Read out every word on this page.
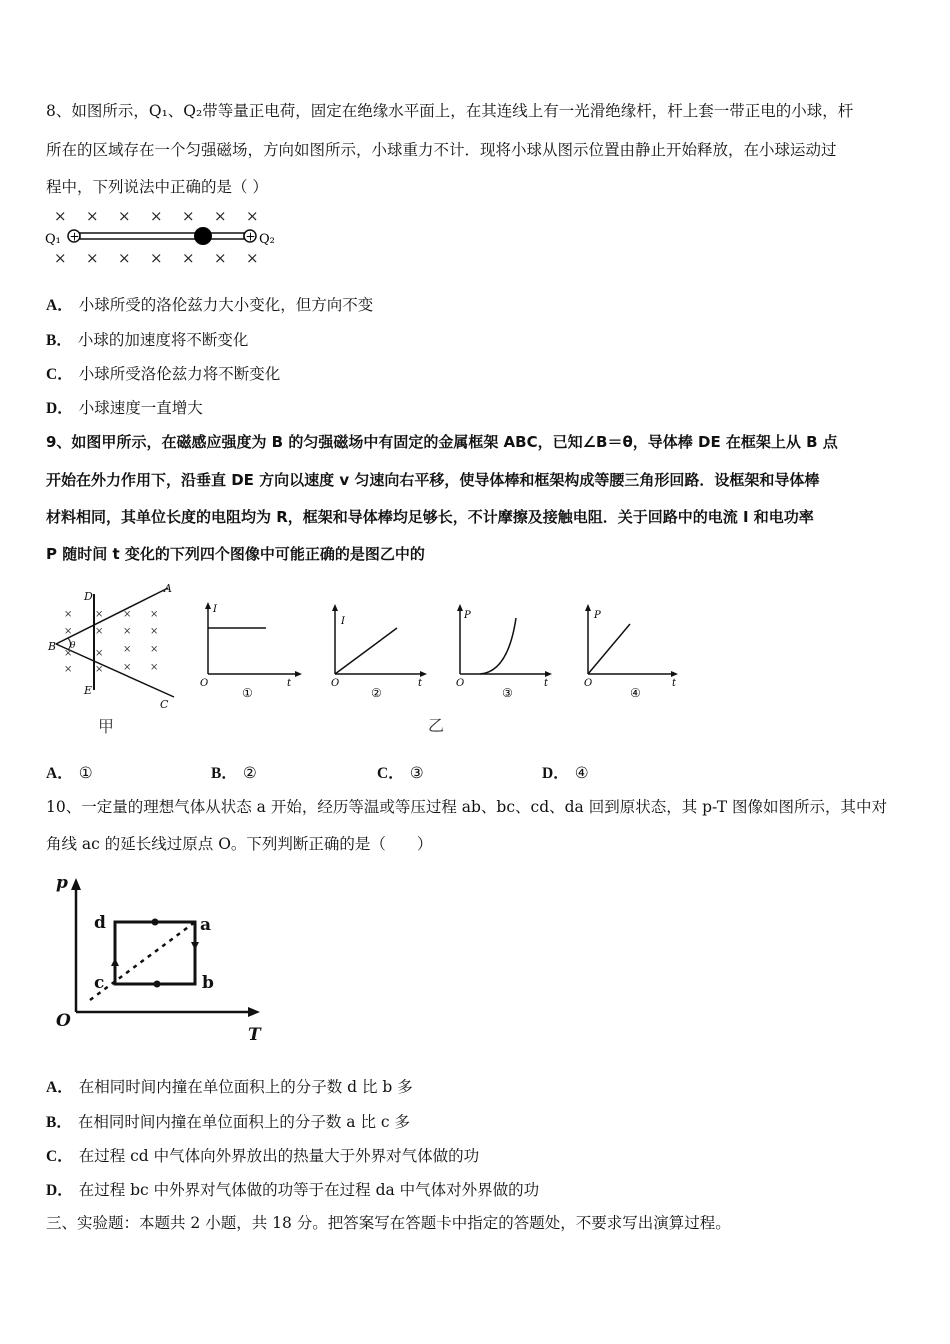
8、如图所示，Q₁、Q₂带等量正电荷，固定在绝缘水平面上，在其连线上有一光滑绝缘杆，杆上套一带正电的小球，杆
所在的区域存在一个匀强磁场，方向如图所示，小球重力不计．现将小球从图示位置由静止开始释放，在小球运动过
程中，下列说法中正确的是（ ）
× × × × × × ×
Q₁ +	+ Q₂
× × × × × × ×
A． 小球所受的洛伦兹力大小变化，但方向不变
B． 小球的加速度将不断变化
C． 小球所受洛伦兹力将不断变化
D． 小球速度一直增大
9、如图甲所示，在磁感应强度为 B 的匀强磁场中有固定的金属框架 ABC，已知∠B＝θ，导体棒 DE 在框架上从 B 点
开始在外力作用下，沿垂直 DE 方向以速度 v 匀速向右平移，使导体棒和框架构成等腰三角形回路．设框架和导体棒
材料相同，其单位长度的电阻均为 R，框架和导体棒均足够长，不计摩擦及接触电阻．关于回路中的电流 I 和电功率
P 随时间 t 变化的下列四个图像中可能正确的是图乙中的
×
×
×
×
×
×
×
×
×
×
×
×
×
×
×
×
A
B
C
D
E
θ
I
t
O
①
I
t
O
②
P
t
O
③
P
t
O
④
甲	乙
A． ①	B． ②	C． ③	D． ④
10、一定量的理想气体从状态 a 开始，经历等温或等压过程 ab、bc、cd、da 回到原状态，其 p-T 图像如图所示，其中对
角线 ac 的延长线过原点 O。下列判断正确的是（　　）
p
T
O
a
b
c
d
A． 在相同时间内撞在单位面积上的分子数 d 比 b 多
B． 在相同时间内撞在单位面积上的分子数 a 比 c 多
C． 在过程 cd 中气体向外界放出的热量大于外界对气体做的功
D． 在过程 bc 中外界对气体做的功等于在过程 da 中气体对外界做的功
三、实验题：本题共 2 小题，共 18 分。把答案写在答题卡中指定的答题处，不要求写出演算过程。
